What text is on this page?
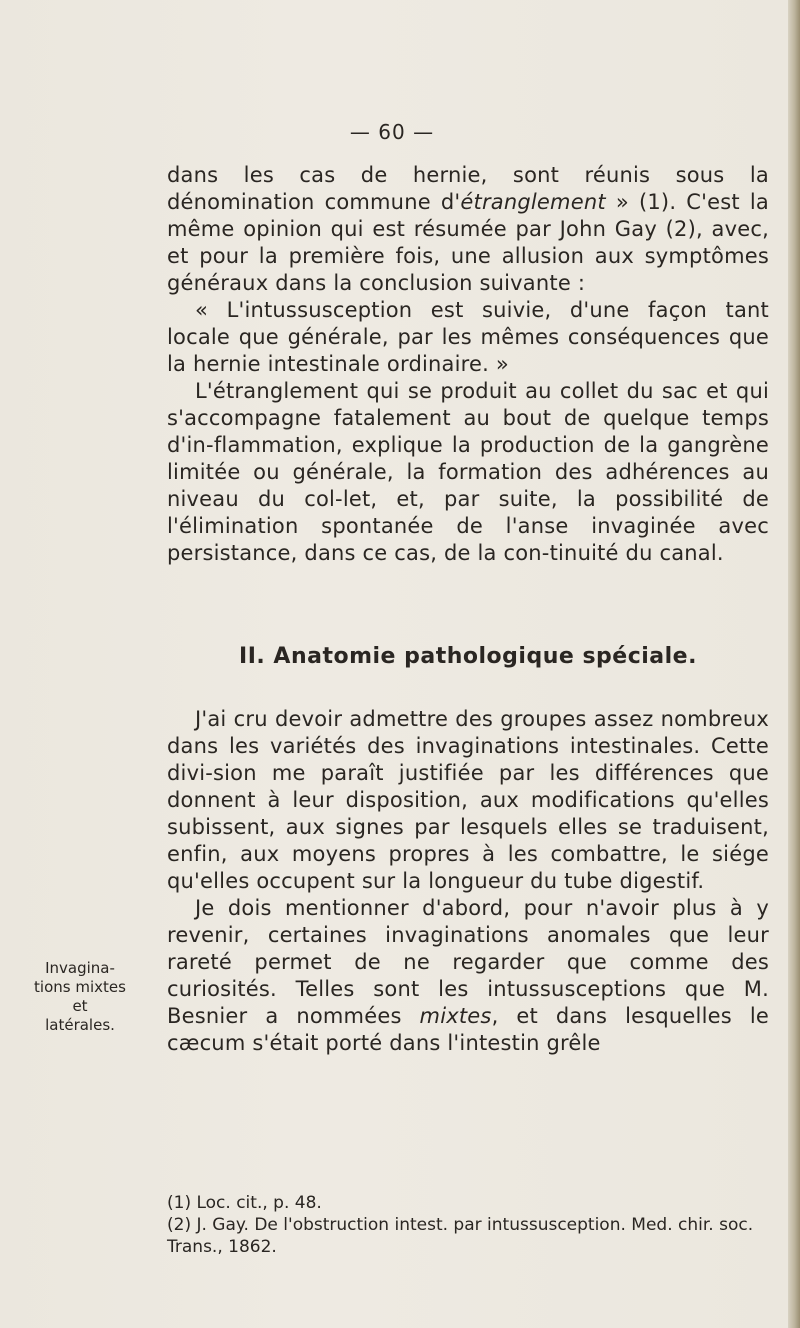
— 60 —

dans les cas de hernie, sont réunis sous la dénomination commune d'étranglement » (1). C'est la même opinion qui est résumée par John Gay (2), avec, et pour la première fois, une allusion aux symptômes généraux dans la conclusion suivante :

« L'intussusception est suivie, d'une façon tant locale que générale, par les mêmes conséquences que la hernie intestinale ordinaire. »

L'étranglement qui se produit au collet du sac et qui s'accompagne fatalement au bout de quelque temps d'in-flammation, explique la production de la gangrène limitée ou générale, la formation des adhérences au niveau du col-let, et, par suite, la possibilité de l'élimination spontanée de l'anse invaginée avec persistance, dans ce cas, de la con-tinuité du canal.

II. Anatomie pathologique spéciale.

J'ai cru devoir admettre des groupes assez nombreux dans les variétés des invaginations intestinales. Cette divi-sion me paraît justifiée par les différences que donnent à leur disposition, aux modifications qu'elles subissent, aux signes par lesquels elles se traduisent, enfin, aux moyens propres à les combattre, le siége qu'elles occupent sur la longueur du tube digestif.

Je dois mentionner d'abord, pour n'avoir plus à y revenir, certaines invaginations anomales que leur rareté permet de ne regarder que comme des curiosités. Telles sont les intussusceptions que M. Besnier a nommées mixtes, et dans lesquelles le cæcum s'était porté dans l'intestin grêle

Invagina-
tions mixtes
et
latérales.

(1) Loc. cit., p. 48.

(2) J. Gay. De l'obstruction intest. par intussusception. Med. chir. soc. Trans., 1862.
